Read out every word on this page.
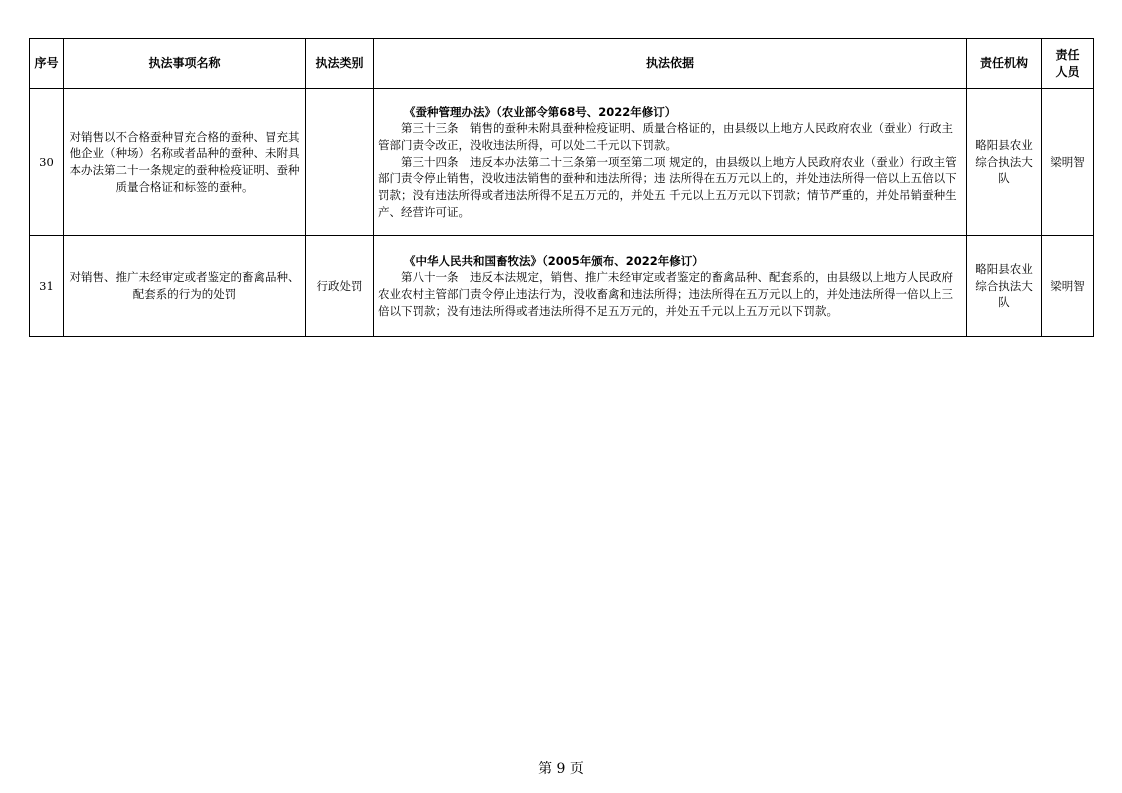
序号	执法事项名称	执法类别	执法依据	责任机构	责任人员
30	对销售以不合格蚕种冒充合格的蚕种、冒充其他企业（种场）名称或者品种的蚕种、未附具本办法第二十一条规定的蚕种检疫证明、蚕种质量合格证和标签的蚕种。		《蚕种管理办法》（农业部令第68号、2022年修订）
第三十三条　销售的蚕种未附具蚕种检疫证明、质量合格证的，由县级以上地方人民政府农业（蚕业）行政主管部门责令改正，没收违法所得，可以处二千元以下罚款。
第三十四条　违反本办法第二十三条第一项至第二项 规定的，由县级以上地方人民政府农业（蚕业）行政主管部门责令停止销售，没收违法销售的蚕种和违法所得；违 法所得在五万元以上的，并处违法所得一倍以上五倍以下 罚款；没有违法所得或者违法所得不足五万元的，并处五 千元以上五万元以下罚款；情节严重的，并处吊销蚕种生 产、经营许可证。	略阳县农业综合执法大队	梁明智
31	对销售、推广未经审定或者鉴定的畜禽品种、配套系的行为的处罚	行政处罚	《中华人民共和国畜牧法》（2005年颁布、2022年修订）
第八十一条　违反本法规定，销售、推广未经审定或者鉴定的畜禽品种、配套系的，由县级以上地方人民政府农业农村主管部门责令停止违法行为，没收畜禽和违法所得；违法所得在五万元以上的，并处违法所得一倍以上三倍以下罚款；没有违法所得或者违法所得不足五万元的，并处五千元以上五万元以下罚款。	略阳县农业综合执法大队	梁明智
第 9 页
